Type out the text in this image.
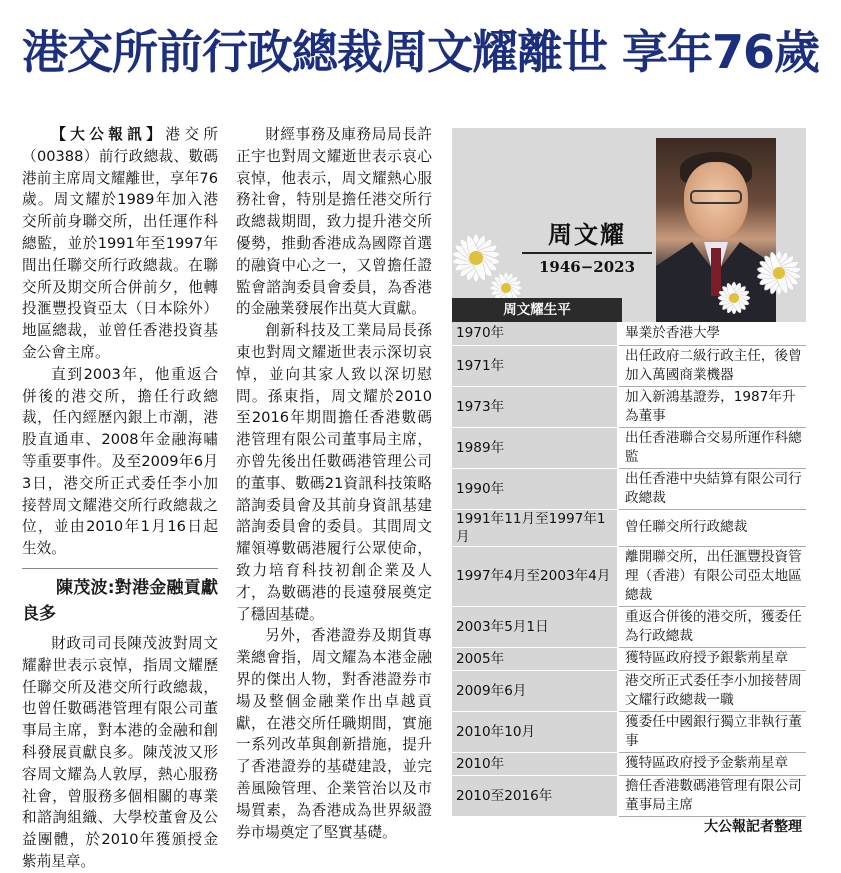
港交所前行政總裁周文耀離世 享年76歲

【大公報訊】港交所（00388）前行政總裁、數碼港前主席周文耀離世，享年76歲。周文耀於1989年加入港交所前身聯交所，出任運作科總監，並於1991年至1997年間出任聯交所行政總裁。在聯交所及期交所合併前夕，他轉投滙豐投資亞太（日本除外）地區總裁，並曾任香港投資基金公會主席。

直到2003年，他重返合併後的港交所，擔任行政總裁，任內經歷內銀上市潮，港股直通車、2008年金融海嘯等重要事件。及至2009年6月3日，港交所正式委任李小加接替周文耀港交所行政總裁之位，並由2010年1月16日起生效。

陳茂波:對港金融貢獻良多

財政司司長陳茂波對周文耀辭世表示哀悼，指周文耀歷任聯交所及港交所行政總裁，也曾任數碼港管理有限公司董事局主席，對本港的金融和創科發展貢獻良多。陳茂波又形容周文耀為人敦厚，熱心服務社會，曾服務多個相關的專業和諮詢組織、大學校董會及公益團體，於2010年獲頒授金紫荊星章。

財經事務及庫務局局長許正宇也對周文耀逝世表示哀心哀悼，他表示，周文耀熱心服務社會，特別是擔任港交所行政總裁期間，致力提升港交所優勢，推動香港成為國際首選的融資中心之一，又曾擔任證監會諮詢委員會委員，為香港的金融業發展作出莫大貢獻。

創新科技及工業局局長孫東也對周文耀逝世表示深切哀悼，並向其家人致以深切慰問。孫東指，周文耀於2010至2016年期間擔任香港數碼港管理有限公司董事局主席，亦曾先後出任數碼港管理公司的董事、數碼21資訊科技策略諮詢委員會及其前身資訊基建諮詢委員會的委員。其間周文耀領導數碼港履行公眾使命，致力培育科技初創企業及人才，為數碼港的長遠發展奠定了穩固基礎。

另外，香港證券及期貨專業總會指，周文耀為本港金融界的傑出人物，對香港證券市場及整個金融業作出卓越貢獻，在港交所任職期間，實施一系列改革與創新措施，提升了香港證券的基礎建設，並完善風險管理、企業管治以及市場質素，為香港成為世界級證券市場奠定了堅實基礎。

周文耀
1946−2023
周文耀生平
1970年	畢業於香港大學
1971年	出任政府二級行政主任，後曾加入萬國商業機器
1973年	加入新鴻基證券，1987年升為董事
1989年	出任香港聯合交易所運作科總監
1990年	出任香港中央結算有限公司行政總裁
1991年11月至1997年1月	曾任聯交所行政總裁
1997年4月至2003年4月	離開聯交所，出任滙豐投資管理（香港）有限公司亞太地區總裁
2003年5月1日	重返合併後的港交所，獲委任為行政總裁
2005年	獲特區政府授予銀紫荊星章
2009年6月	港交所正式委任李小加接替周文耀行政總裁一職
2010年10月	獲委任中國銀行獨立非執行董事
2010年	獲特區政府授予金紫荊星章
2010至2016年	擔任香港數碼港管理有限公司董事局主席
大公報記者整理
